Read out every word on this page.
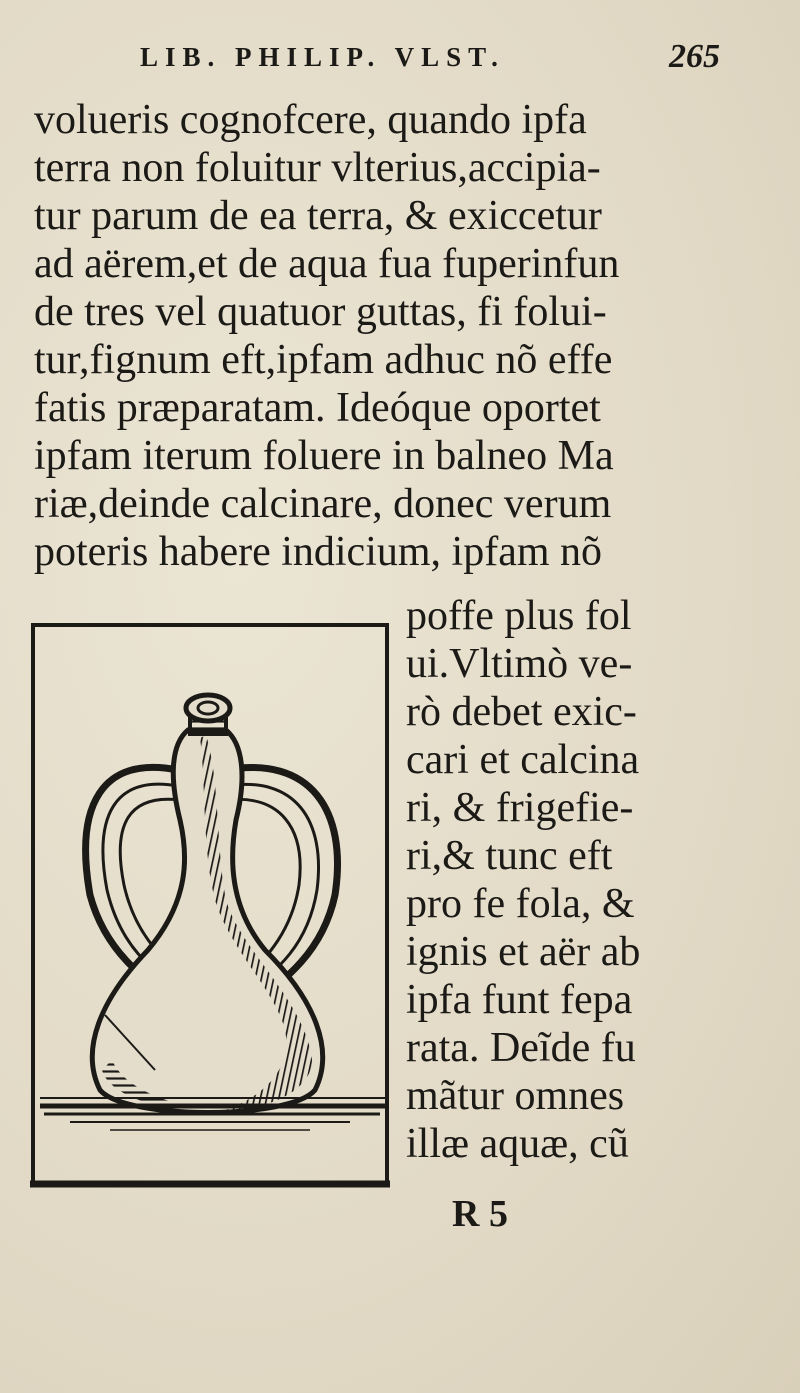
LIB. PHILIP. VLST.	265
volueris cognofcere, quando ipfa
terra non foluitur vlterius,accipia-
tur parum de ea terra, & exiccetur
ad aërem,et de aqua fua fuperinfun
de tres vel quatuor guttas, fi folui-
tur,fignum eft,ipfam adhuc nõ effe
fatis præparatam. Ideóque oportet
ipfam iterum foluere in balneo Ma
riæ,deinde calcinare, donec verum
poteris habere indicium, ipfam nõ
poffe plus fol
ui.Vltimò ve-
rò debet exic-
cari et calcina
ri, & frigefie-
ri,& tunc eft
pro fe fola, &
ignis et aër ab
ipfa funt fepa
rata. Deĩde fu
mãtur omnes
illæ aquæ, cũ
R 5
